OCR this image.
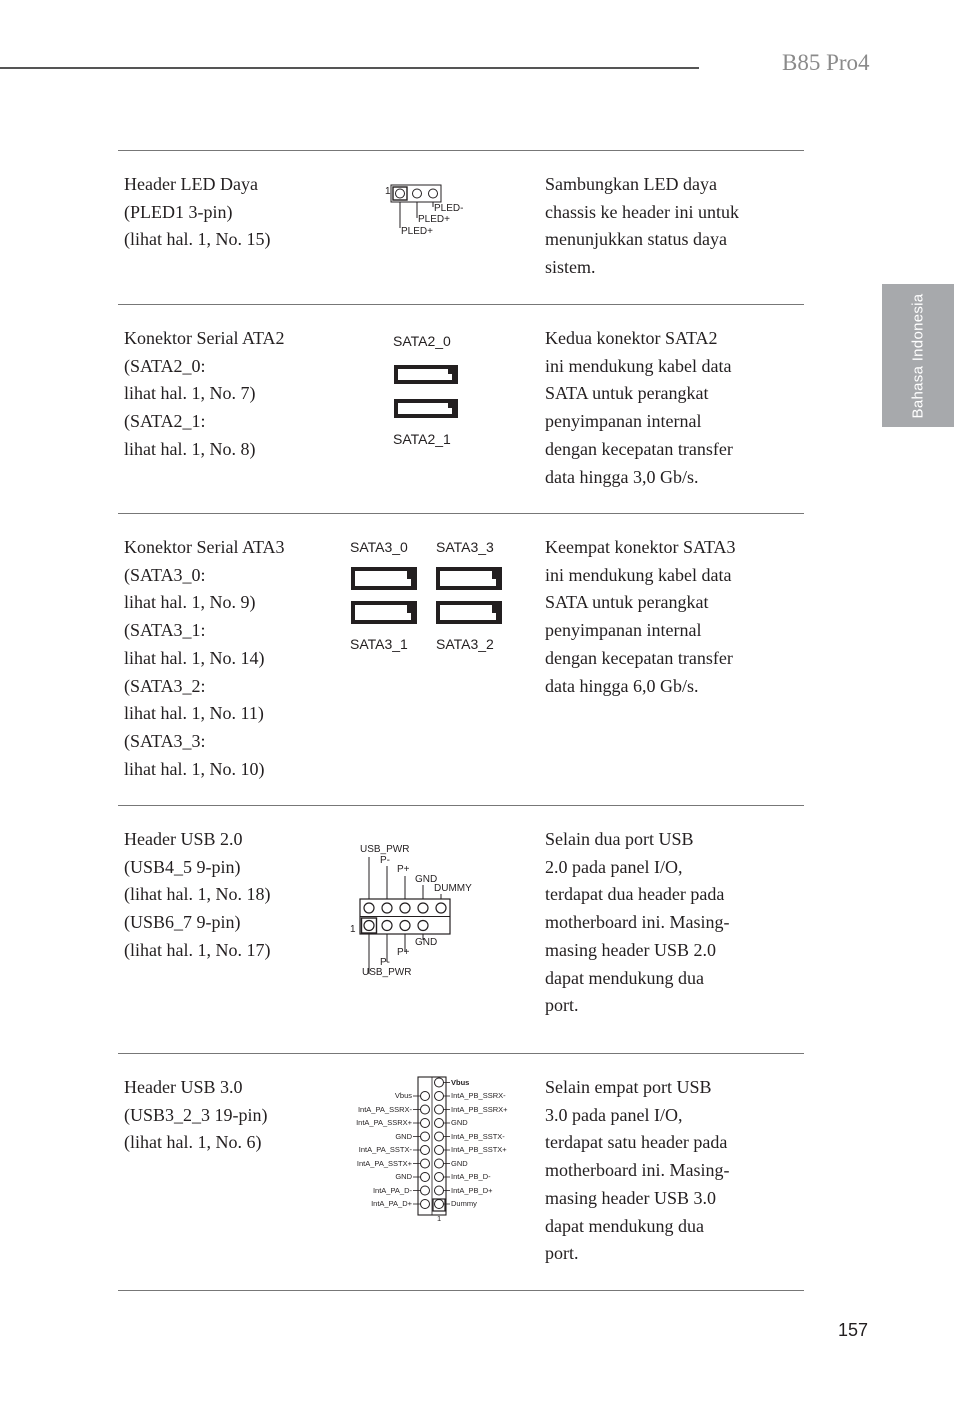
B85 Pro4
Bahasa Indonesia
Header LED Daya
(PLED1 3-pin)
(lihat hal. 1, No. 15)
Sambungkan LED daya
chassis ke header ini untuk
menunjukkan status daya
sistem.
1
PLED-
PLED+
PLED+
Konektor Serial ATA2
(SATA2_0:
lihat hal. 1, No. 7)
(SATA2_1:
lihat hal. 1, No. 8)
Kedua konektor SATA2
ini mendukung kabel data
SATA untuk perangkat
penyimpanan internal
dengan kecepatan transfer
data hingga 3,0 Gb/s.
SATA2_0
SATA2_1
Konektor Serial ATA3
(SATA3_0:
lihat hal. 1, No. 9)
(SATA3_1:
lihat hal. 1, No. 14)
(SATA3_2:
lihat hal. 1, No. 11)
(SATA3_3:
lihat hal. 1, No. 10)
Keempat konektor SATA3
ini mendukung kabel data
SATA untuk perangkat
penyimpanan internal
dengan kecepatan transfer
data hingga 6,0 Gb/s.
SATA3_0 SATA3_3
SATA3_1 SATA3_2
Header USB 2.0
(USB4_5 9-pin)
(lihat hal. 1, No. 18)
(USB6_7 9-pin)
(lihat hal. 1, No. 17)
Selain dua port USB
2.0 pada panel I/O,
terdapat dua header pada
motherboard ini. Masing-
masing header USB 2.0
dapat mendukung dua
port.
USB_PWR
P-
P+
GND
DUMMY
1
GND
P+
P-
USB_PWR
Header USB 3.0
(USB3_2_3 19-pin)
(lihat hal. 1, No. 6)
Selain empat port USB
3.0 pada panel I/O,
terdapat satu header pada
motherboard ini. Masing-
masing header USB 3.0
dapat mendukung dua
port.
Vbus
IntA_PA_SSRX-
IntA_PA_SSRX+
GND
IntA_PA_SSTX-
IntA_PA_SSTX+
GND
IntA_PA_D-
IntA_PA_D+
Vbus
IntA_PB_SSRX-
IntA_PB_SSRX+
GND
IntA_PB_SSTX-
IntA_PB_SSTX+
GND
IntA_PB_D-
IntA_PB_D+
Dummy
1
157
